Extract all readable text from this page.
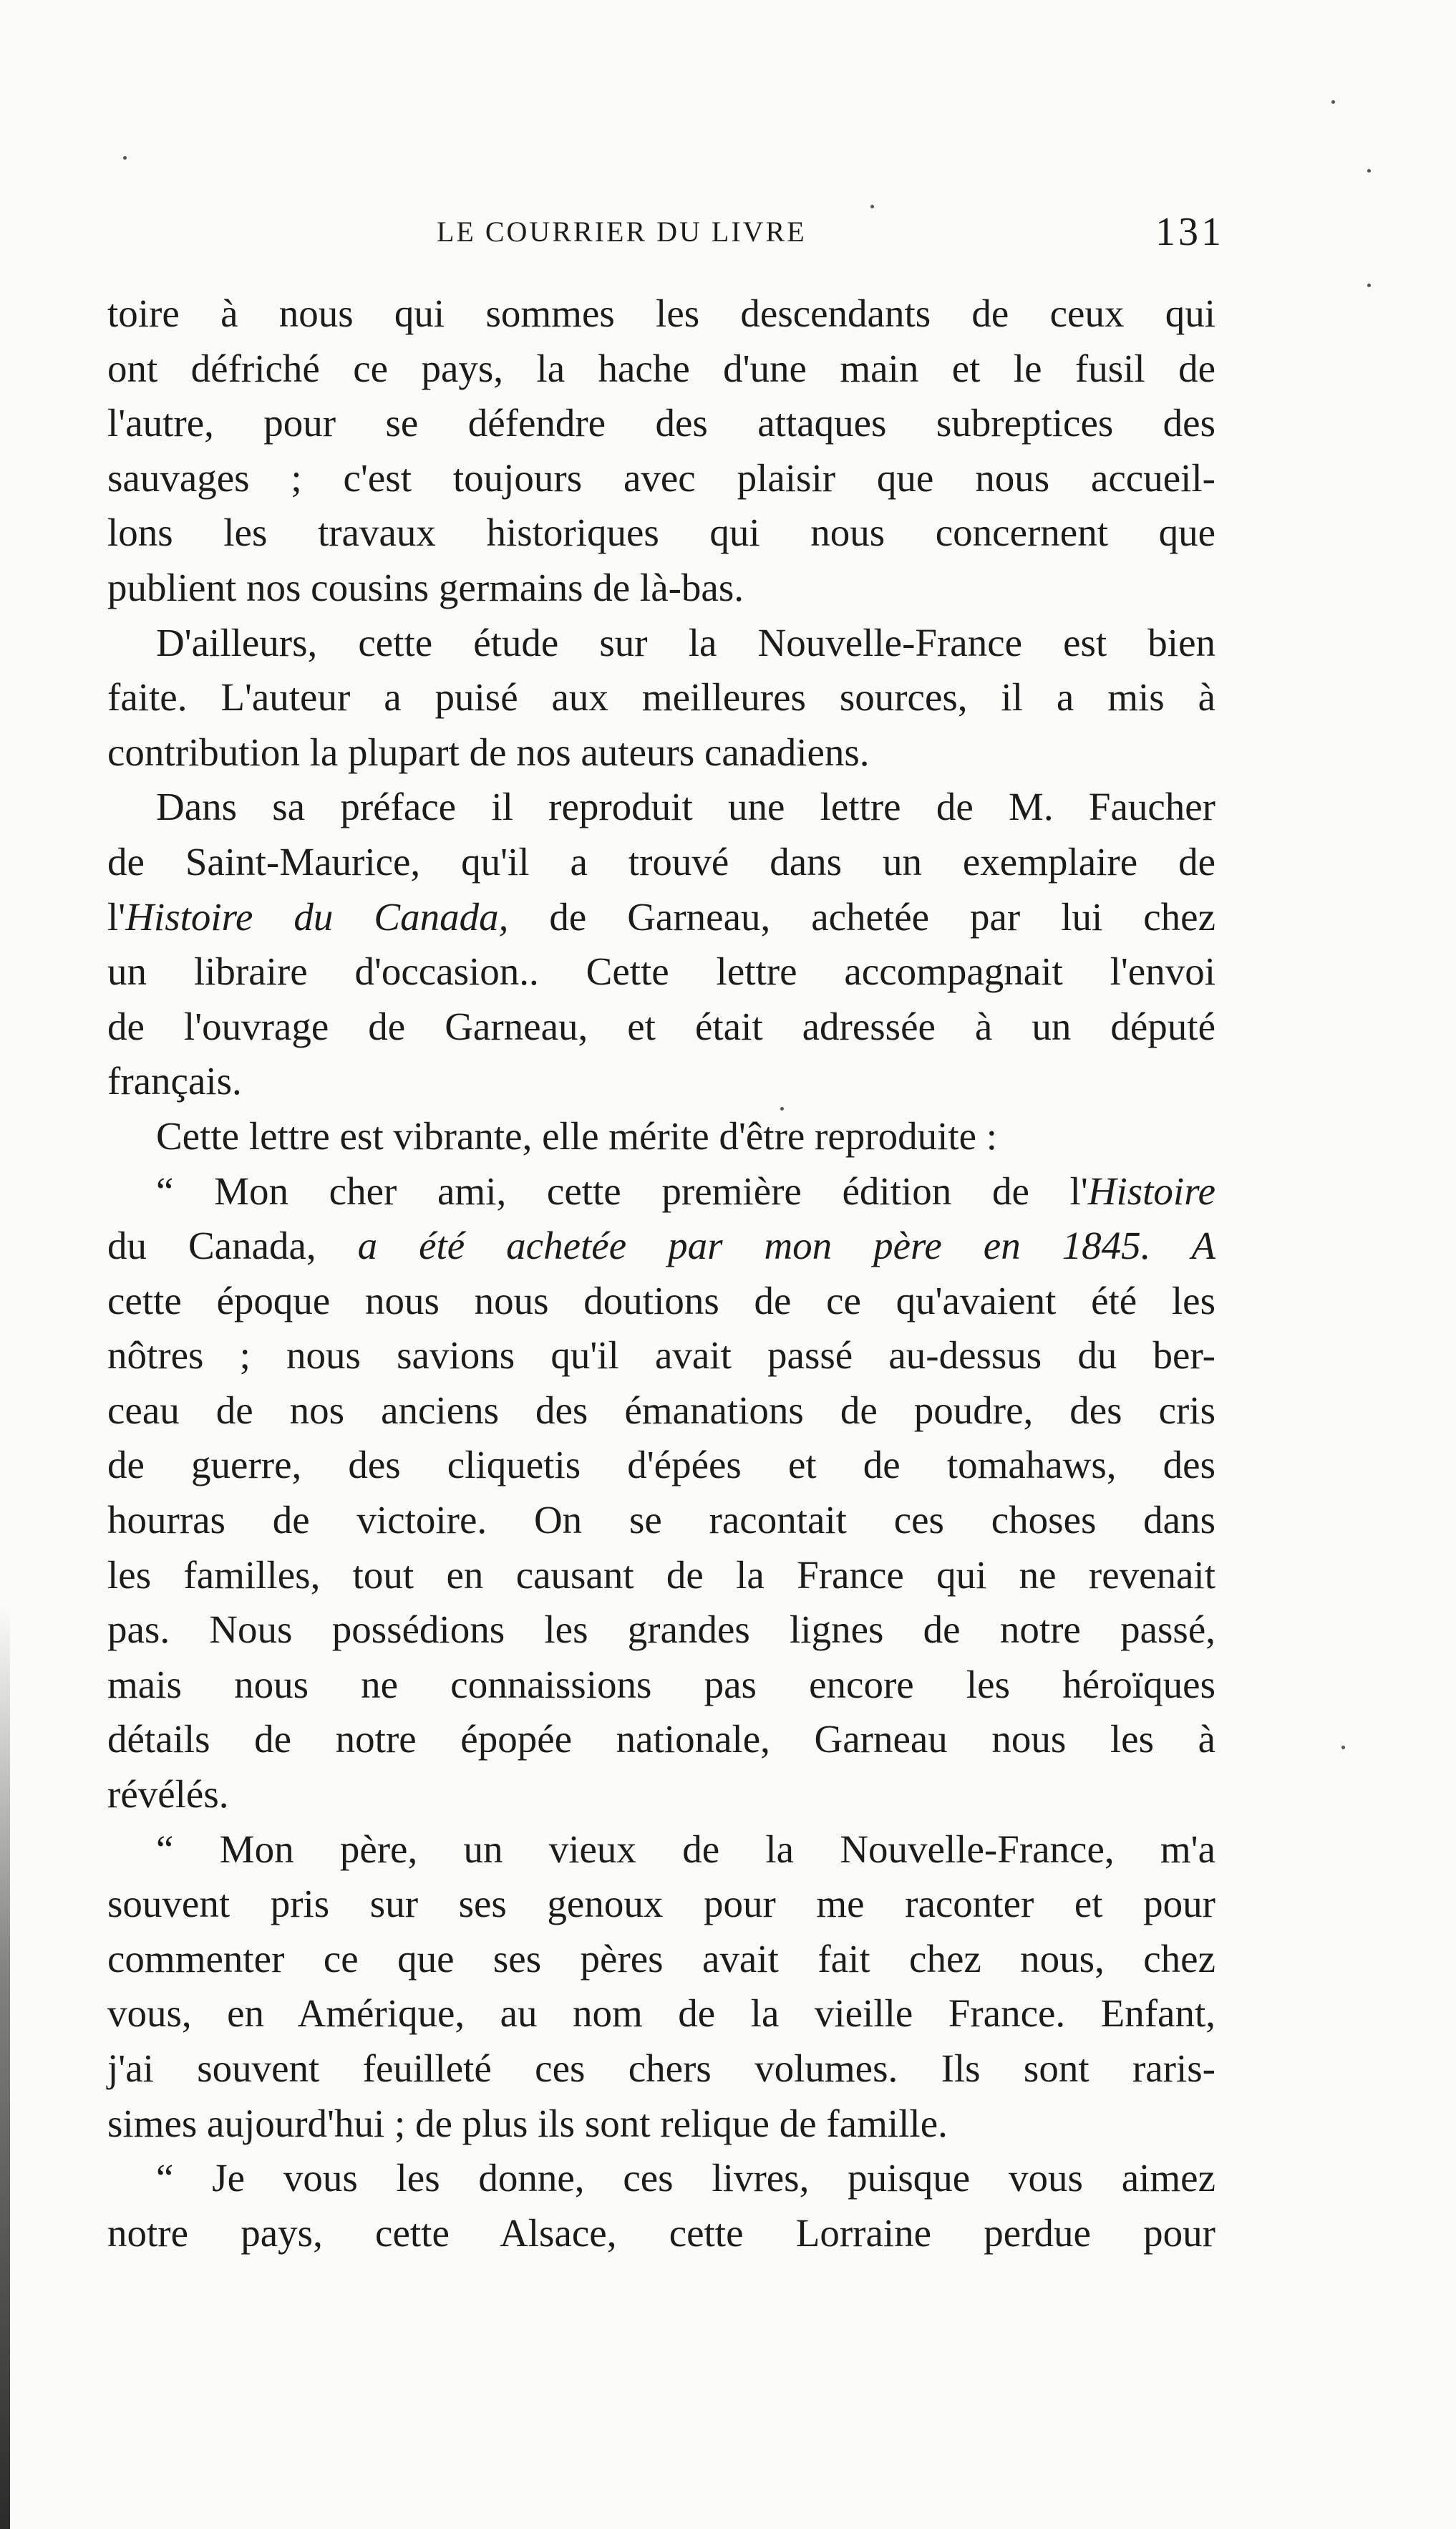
LE COURRIER DU LIVRE	131
toire à nous qui sommes les descendants de ceux qui
ont défriché ce pays, la hache d'une main et le fusil de
l'autre, pour se défendre des attaques subreptices des
sauvages ; c'est toujours avec plaisir que nous accueil-
lons les travaux historiques qui nous concernent que
publient nos cousins germains de là-bas.
D'ailleurs, cette étude sur la Nouvelle-France est bien
faite. L'auteur a puisé aux meilleures sources, il a mis à
contribution la plupart de nos auteurs canadiens.
Dans sa préface il reproduit une lettre de M. Faucher
de Saint-Maurice, qu'il a trouvé dans un exemplaire de
l'Histoire du Canada, de Garneau, achetée par lui chez
un libraire d'occasion.. Cette lettre accompagnait l'envoi
de l'ouvrage de Garneau, et était adressée à un député
français.
Cette lettre est vibrante, elle mérite d'être reproduite :
“ Mon cher ami, cette première édition de l'Histoire
du Canada, a été achetée par mon père en 1845. A
cette époque nous nous doutions de ce qu'avaient été les
nôtres ; nous savions qu'il avait passé au-dessus du ber-
ceau de nos anciens des émanations de poudre, des cris
de guerre, des cliquetis d'épées et de tomahaws, des
hourras de victoire. On se racontait ces choses dans
les familles, tout en causant de la France qui ne revenait
pas. Nous possédions les grandes lignes de notre passé,
mais nous ne connaissions pas encore les héroïques
détails de notre épopée nationale, Garneau nous les à
révélés.
“ Mon père, un vieux de la Nouvelle-France, m'a
souvent pris sur ses genoux pour me raconter et pour
commenter ce que ses pères avait fait chez nous, chez
vous, en Amérique, au nom de la vieille France. Enfant,
j'ai souvent feuilleté ces chers volumes. Ils sont raris-
simes aujourd'hui ; de plus ils sont relique de famille.
“ Je vous les donne, ces livres, puisque vous aimez
notre pays, cette Alsace, cette Lorraine perdue pour
